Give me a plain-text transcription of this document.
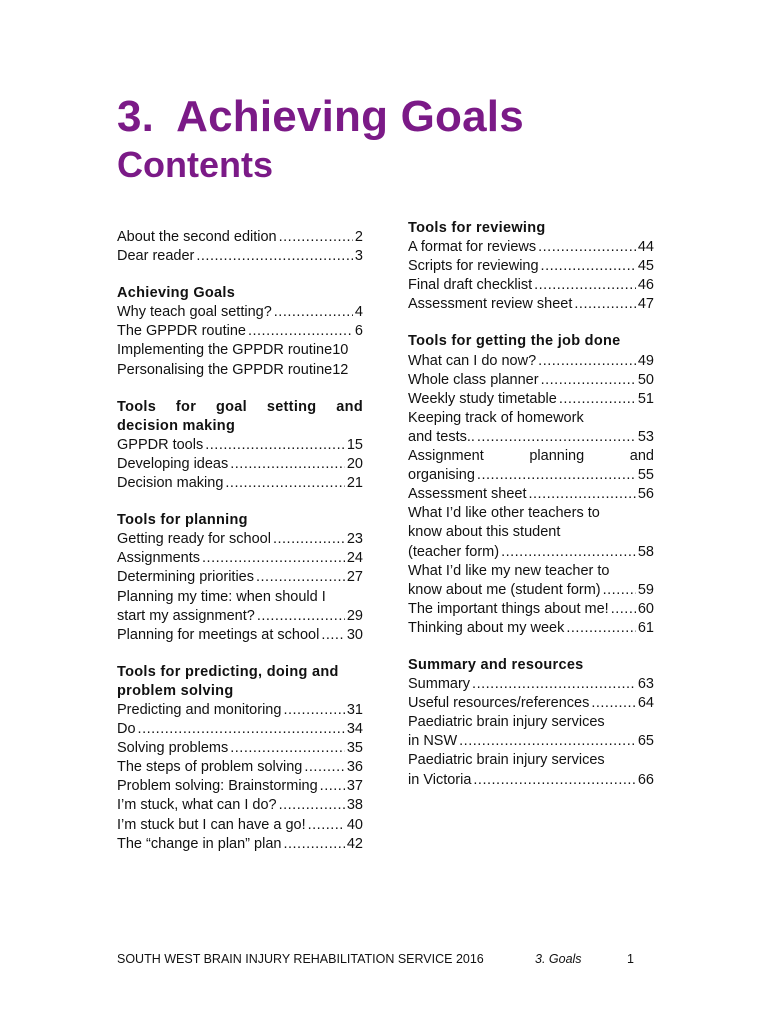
3. Achieving Goals
Contents
About the second edition .....	2
Dear reader .....	3
Achieving Goals
Why teach goal setting? .....	4
The GPPDR routine .....	6
Implementing the GPPDR routine 10
Personalising the GPPDR routine 12
Tools for goal setting and
decision making
GPPDR tools .....	15
Developing ideas .....	20
Decision making .....	21
Tools for planning
Getting ready for school .....	23
Assignments .....	24
Determining priorities .....	27
Planning my time: when should I
start my assignment? .....	29
Planning for meetings at school ..... 30
Tools for predicting, doing and
problem solving
Predicting and monitoring .....	31
Do .....	34
Solving problems .....	35
The steps of problem solving .....	36
Problem solving: Brainstorming ..... 37
I’m stuck, what can I do? .....	38
I’m stuck but I can have a go! .....	40
The “change in plan” plan .....	42
Tools for reviewing
A format for reviews .....	44
Scripts for reviewing .....	45
Final draft checklist .....	46
Assessment review sheet .....	47
Tools for getting the job done
What can I do now? .....	49
Whole class planner .....	50
Weekly study timetable .....	51
Keeping track of homework
and tests.. .....	53
Assignment	planning	and
organising .....	55
Assessment sheet .....	56
What I’d like other teachers to
know about this student
(teacher form) .....	58
What I’d like my new teacher to
know about me (student form) .....	59
The important things about me! ..... 60
Thinking about my week .....	61
Summary and resources
Summary .....	63
Useful resources/references .....	64
Paediatric brain injury services
in NSW .....	65
Paediatric brain injury services
in Victoria .....	66
SOUTH WEST BRAIN INJURY REHABILITATION SERVICE 2016	3. Goals	1
